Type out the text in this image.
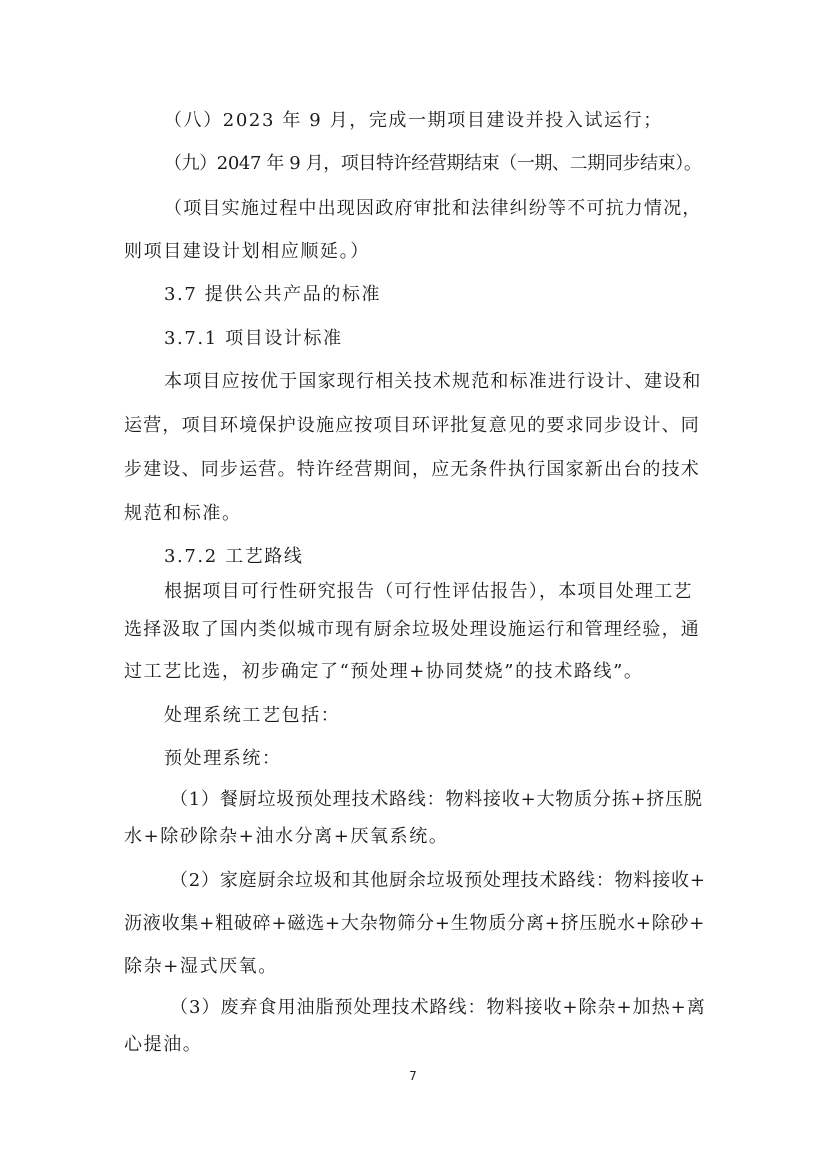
（八）2023 年 9 月，完成一期项目建设并投入试运行；
（九）2047 年 9 月，项目特许经营期结束（一期、二期同步结束）。
（项目实施过程中出现因政府审批和法律纠纷等不可抗力情况，
则项目建设计划相应顺延。）
3.7 提供公共产品的标准
3.7.1 项目设计标准
本项目应按优于国家现行相关技术规范和标准进行设计、建设和
运营，项目环境保护设施应按项目环评批复意见的要求同步设计、同
步建设、同步运营。特许经营期间，应无条件执行国家新出台的技术
规范和标准。
3.7.2 工艺路线
根据项目可行性研究报告（可行性评估报告），本项目处理工艺
选择汲取了国内类似城市现有厨余垃圾处理设施运行和管理经验，通
过工艺比选，初步确定了“预处理+协同焚烧”的技术路线”。
处理系统工艺包括：
预处理系统：
（1）餐厨垃圾预处理技术路线：物料接收+大物质分拣+挤压脱
水+除砂除杂+油水分离+厌氧系统。
（2）家庭厨余垃圾和其他厨余垃圾预处理技术路线：物料接收+
沥液收集+粗破碎+磁选+大杂物筛分+生物质分离+挤压脱水+除砂+
除杂+湿式厌氧。
（3）废弃食用油脂预处理技术路线：物料接收+除杂+加热+离
心提油。
7
